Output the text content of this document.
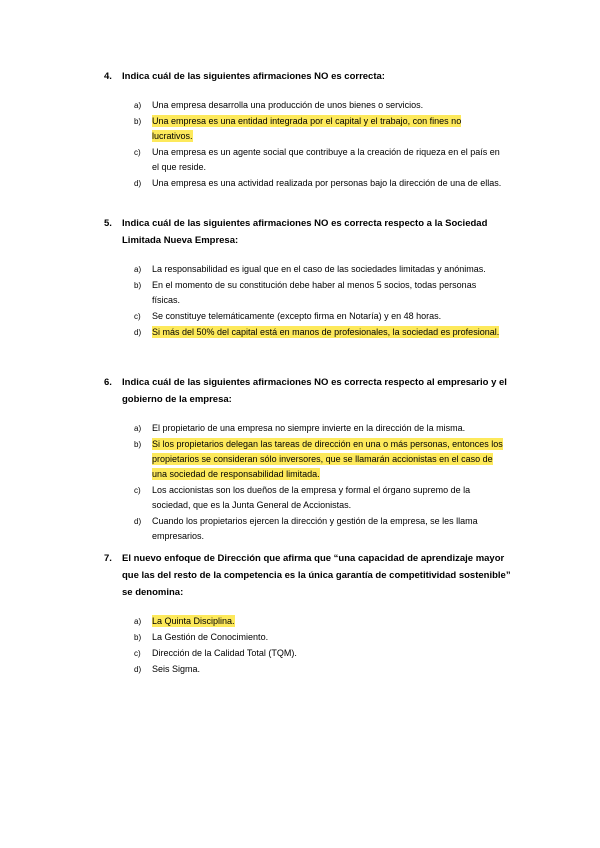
4.	Indica cuál de las siguientes afirmaciones NO es correcta:
a)	Una empresa desarrolla una producción de unos bienes o servicios.
b)	Una empresa es una entidad integrada por el capital y el trabajo, con fines no lucrativos.
c)	Una empresa es un agente social que contribuye a la creación de riqueza en el país en el que reside.
d)	Una empresa es una actividad realizada por personas bajo la dirección de una de ellas.
5.	Indica cuál de las siguientes afirmaciones NO es correcta respecto a la Sociedad Limitada Nueva Empresa:
a)	La responsabilidad es igual que en el caso de las sociedades limitadas y anónimas.
b)	En el momento de su constitución debe haber al menos 5 socios, todas personas físicas.
c)	Se constituye telemáticamente (excepto firma en Notaría) y en 48 horas.
d)	Si más del 50% del capital está en manos de profesionales, la sociedad es profesional.
6.	Indica cuál de las siguientes afirmaciones NO es correcta respecto al empresario y el gobierno de la empresa:
a)	El propietario de una empresa no siempre invierte en la dirección de la misma.
b)	Si los propietarios delegan las tareas de dirección en una o más personas, entonces los propietarios se consideran sólo inversores, que se llamarán accionistas en el caso de una sociedad de responsabilidad limitada.
c)	Los accionistas son los dueños de la empresa y formal el órgano supremo de la sociedad, que es la Junta General de Accionistas.
d)	Cuando los propietarios ejercen la dirección y gestión de la empresa, se les llama empresarios.
7.	El nuevo enfoque de Dirección que afirma que “una capacidad de aprendizaje mayor que las del resto de la competencia es la única garantía de competitividad sostenible” se denomina:
a)	La Quinta Disciplina.
b)	La Gestión de Conocimiento.
c)	Dirección de la Calidad Total (TQM).
d)	Seis Sigma.
